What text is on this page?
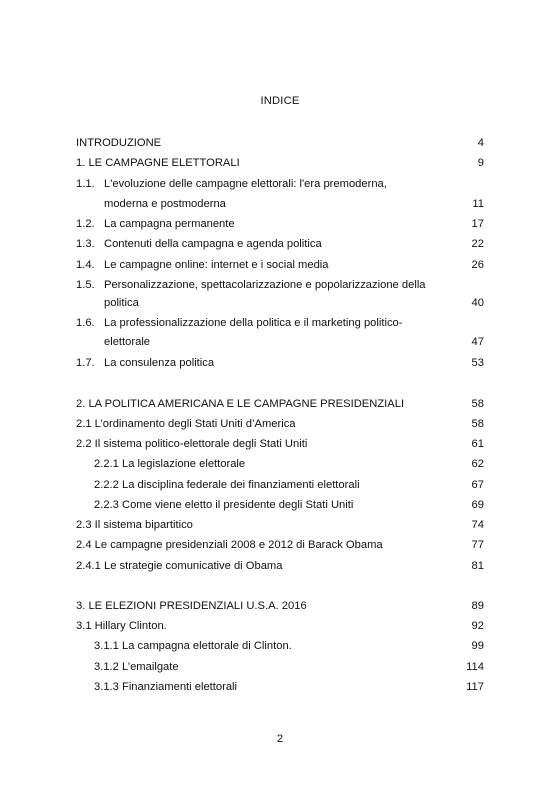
INDICE
INTRODUZIONE	4
1. LE CAMPAGNE ELETTORALI	9
1.1. L'evoluzione delle campagne elettorali: l'era premoderna,
moderna e postmoderna	11
1.2. La campagna permanente	17
1.3. Contenuti della campagna e agenda politica	22
1.4. Le campagne online: internet e i social media	26
1.5. Personalizzazione, spettacolarizzazione e popolarizzazione della
politica	40
1.6. La professionalizzazione della politica e il marketing politico-
elettorale	47
1.7. La consulenza politica	53
2. LA POLITICA AMERICANA E LE CAMPAGNE PRESIDENZIALI	58
2.1 L’ordinamento degli Stati Uniti d’America	58
2.2 Il sistema politico-elettorale degli Stati Uniti	61
2.2.1 La legislazione elettorale	62
2.2.2 La disciplina federale dei finanziamenti elettorali	67
2.2.3 Come viene eletto il presidente degli Stati Uniti	69
2.3 Il sistema bipartitico	74
2.4 Le campagne presidenziali 2008 e 2012 di Barack Obama	77
2.4.1 Le strategie comunicative di Obama	81
3. LE ELEZIONI PRESIDENZIALI U.S.A. 2016	89
3.1 Hillary Clinton.	92
3.1.1 La campagna elettorale di Clinton.	99
3.1.2 L’emailgate	114
3.1.3 Finanziamenti elettorali	117
2
